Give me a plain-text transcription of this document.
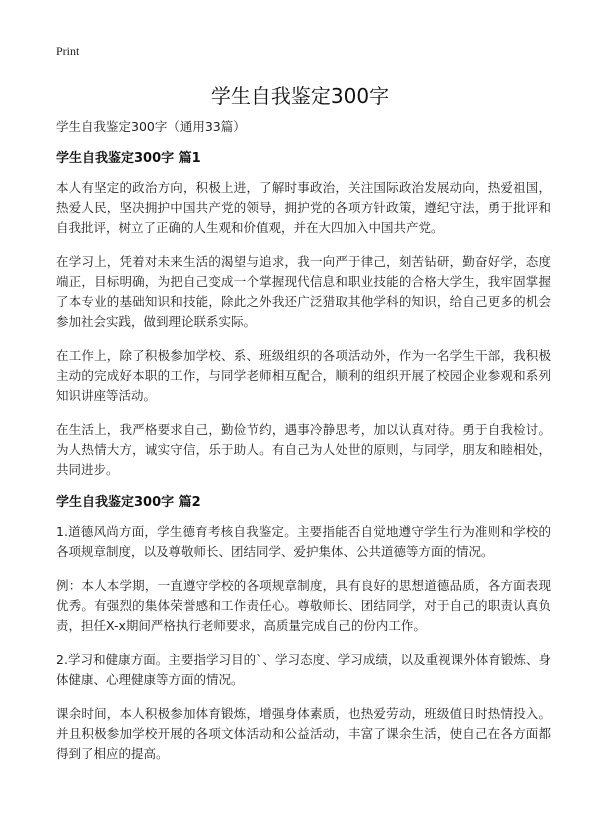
Print
学生自我鉴定300字

学生自我鉴定300字（通用33篇）

学生自我鉴定300字 篇1

本人有坚定的政治方向，积极上进，了解时事政治，关注国际政治发展动向，热爱祖国，热爱人民，坚决拥护中国共产党的领导，拥护党的各项方针政策，遵纪守法，勇于批评和自我批评，树立了正确的人生观和价值观，并在大四加入中国共产党。

在学习上，凭着对未来生活的渴望与追求，我一向严于律己，刻苦钻研，勤奋好学，态度端正，目标明确，为把自己变成一个掌握现代信息和职业技能的合格大学生，我牢固掌握了本专业的基础知识和技能，除此之外我还广泛猎取其他学科的知识，给自己更多的机会参加社会实践，做到理论联系实际。

在工作上，除了积极参加学校、系、班级组织的各项活动外，作为一名学生干部，我积极主动的完成好本职的工作，与同学老师相互配合，顺利的组织开展了校园企业参观和系列知识讲座等活动。

在生活上，我严格要求自己，勤俭节约，遇事冷静思考，加以认真对待。勇于自我检讨。为人热情大方，诚实守信，乐于助人。有自己为人处世的原则，与同学，朋友和睦相处，共同进步。

学生自我鉴定300字 篇2

1.道德风尚方面，学生德育考核自我鉴定。主要指能否自觉地遵守学生行为准则和学校的各项规章制度，以及尊敬师长、团结同学、爱护集体、公共道德等方面的情况。

例：本人本学期，一直遵守学校的各项规章制度，具有良好的思想道德品质，各方面表现优秀。有强烈的集体荣誉感和工作责任心。尊敬师长、团结同学，对于自己的职责认真负责，担任X-x期间严格执行老师要求，高质量完成自己的份内工作。

2.学习和健康方面。主要指学习目的`、学习态度、学习成绩，以及重视课外体育锻炼、身体健康、心理健康等方面的情况。

课余时间，本人积极参加体育锻炼，增强身体素质，也热爱劳动，班级值日时热情投入。并且积极参加学校开展的各项文体活动和公益活动，丰富了课余生活，使自己在各方面都得到了相应的提高。
